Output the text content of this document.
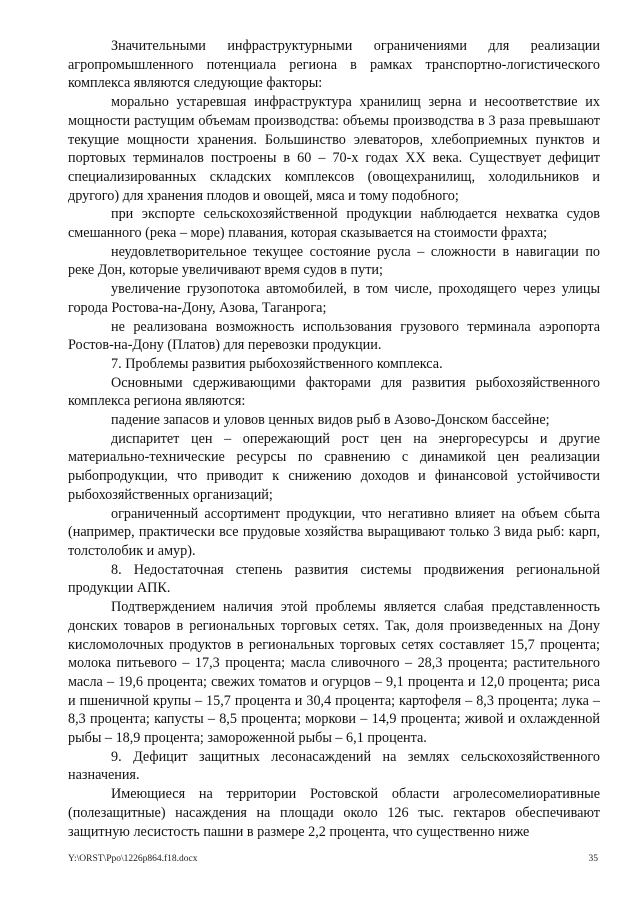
Значительными инфраструктурными ограничениями для реализации агропромышленного потенциала региона в рамках транспортно-логистического комплекса являются следующие факторы:

морально устаревшая инфраструктура хранилищ зерна и несоответствие их мощности растущим объемам производства: объемы производства в 3 раза превышают текущие мощности хранения. Большинство элеваторов, хлебоприемных пунктов и портовых терминалов построены в 60 – 70-х годах XX века. Существует дефицит специализированных складских комплексов (овощехранилищ, холодильников и другого) для хранения плодов и овощей, мяса и тому подобного;

при экспорте сельскохозяйственной продукции наблюдается нехватка судов смешанного (река – море) плавания, которая сказывается на стоимости фрахта;

неудовлетворительное текущее состояние русла – сложности в навигации по реке Дон, которые увеличивают время судов в пути;

увеличение грузопотока автомобилей, в том числе, проходящего через улицы города Ростова-на-Дону, Азова, Таганрога;

не реализована возможность использования грузового терминала аэропорта Ростов-на-Дону (Платов) для перевозки продукции.

7. Проблемы развития рыбохозяйственного комплекса.

Основными сдерживающими факторами для развития рыбохозяйственного комплекса региона являются:

падение запасов и уловов ценных видов рыб в Азово-Донском бассейне;

диспаритет цен – опережающий рост цен на энергоресурсы и другие материально-технические ресурсы по сравнению с динамикой цен реализации рыбопродукции, что приводит к снижению доходов и финансовой устойчивости рыбохозяйственных организаций;

ограниченный ассортимент продукции, что негативно влияет на объем сбыта (например, практически все прудовые хозяйства выращивают только 3 вида рыб: карп, толстолобик и амур).

8. Недостаточная степень развития системы продвижения региональной продукции АПК.

Подтверждением наличия этой проблемы является слабая представленность донских товаров в региональных торговых сетях. Так, доля произведенных на Дону кисломолочных продуктов в региональных торговых сетях составляет 15,7 процента; молока питьевого – 17,3 процента; масла сливочного – 28,3 процента; растительного масла – 19,6 процента; свежих томатов и огурцов – 9,1 процента и 12,0 процента; риса и пшеничной крупы – 15,7 процента и 30,4 процента; картофеля – 8,3 процента; лука – 8,3 процента; капусты – 8,5 процента; моркови – 14,9 процента; живой и охлажденной рыбы – 18,9 процента; замороженной рыбы – 6,1 процента.

9. Дефицит защитных лесонасаждений на землях сельскохозяйственного назначения.

Имеющиеся на территории Ростовской области агролесомелиоративные (полезащитные) насаждения на площади около 126 тыс. гектаров обеспечивают защитную лесистость пашни в размере 2,2 процента, что существенно ниже

Y:\ORST\Ppo\1226p864.f18.docx	35
